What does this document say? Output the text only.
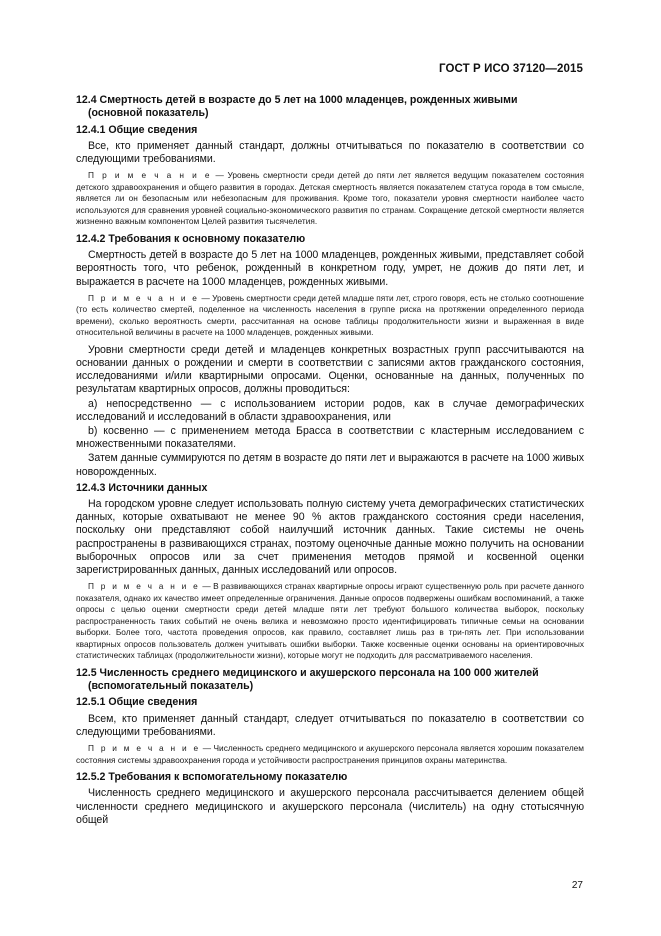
ГОСТ Р ИСО 37120—2015

12.4 Смертность детей в возрасте до 5 лет на 1000 младенцев, рожденных живыми
(основной показатель)

12.4.1 Общие сведения

Все, кто применяет данный стандарт, должны отчитываться по показателю в соответствии со следующими требованиями.

П р и м е ч а н и е — Уровень смертности среди детей до пяти лет является ведущим показателем состояния детского здравоохранения и общего развития в городах. Детская смертность является показателем статуса города в том смысле, является ли он безопасным или небезопасным для проживания. Кроме того, показатели уровня смертности наиболее часто используются для сравнения уровней социально-экономического развития по странам. Сокращение детской смертности является жизненно важным компонентом Целей развития тысячелетия.

12.4.2 Требования к основному показателю

Смертность детей в возрасте до 5 лет на 1000 младенцев, рожденных живыми, представляет собой вероятность того, что ребенок, рожденный в конкретном году, умрет, не дожив до пяти лет, и выражается в расчете на 1000 младенцев, рожденных живыми.

П р и м е ч а н и е — Уровень смертности среди детей младше пяти лет, строго говоря, есть не столько соотношение (то есть количество смертей, поделенное на численность населения в группе риска на протяжении определенного периода времени), сколько вероятность смерти, рассчитанная на основе таблицы продолжительности жизни и выраженная в виде относительной величины в расчете на 1000 младенцев, рожденных живыми.

Уровни смертности среди детей и младенцев конкретных возрастных групп рассчитываются на основании данных о рождении и смерти в соответствии с записями актов гражданского состояния, исследованиями и/или квартирными опросами. Оценки, основанные на данных, полученных по результатам квартирных опросов, должны проводиться:

а) непосредственно — с использованием истории родов, как в случае демографических исследований и исследований в области здравоохранения, или

b) косвенно — с применением метода Брасса в соответствии с кластерным исследованием с множественными показателями.

Затем данные суммируются по детям в возрасте до пяти лет и выражаются в расчете на 1000 живых новорожденных.

12.4.3 Источники данных

На городском уровне следует использовать полную систему учета демографических статистических данных, которые охватывают не менее 90 % актов гражданского состояния среди населения, поскольку они представляют собой наилучший источник данных. Такие системы не очень распространены в развивающихся странах, поэтому оценочные данные можно получить на основании выборочных опросов или за счет применения методов прямой и косвенной оценки зарегистрированных данных, данных исследований или опросов.

П р и м е ч а н и е — В развивающихся странах квартирные опросы играют существенную роль при расчете данного показателя, однако их качество имеет определенные ограничения. Данные опросов подвержены ошибкам воспоминаний, а также опросы с целью оценки смертности среди детей младше пяти лет требуют большого количества выборок, поскольку распространенность таких событий не очень велика и невозможно просто идентифицировать типичные семьи на основании выборки. Более того, частота проведения опросов, как правило, составляет лишь раз в три-пять лет. При использовании квартирных опросов пользователь должен учитывать ошибки выборки. Также косвенные оценки основаны на ориентировочных статистических таблицах (продолжительности жизни), которые могут не подходить для рассматриваемого населения.

12.5 Численность среднего медицинского и акушерского персонала на 100 000 жителей
(вспомогательный показатель)

12.5.1 Общие сведения

Всем, кто применяет данный стандарт, следует отчитываться по показателю в соответствии со следующими требованиями.

П р и м е ч а н и е — Численность среднего медицинского и акушерского персонала является хорошим показателем состояния системы здравоохранения города и устойчивости распространения принципов охраны материнства.

12.5.2 Требования к вспомогательному показателю

Численность среднего медицинского и акушерского персонала рассчитывается делением общей численности среднего медицинского и акушерского персонала (числитель) на одну стотысячную общей

27
